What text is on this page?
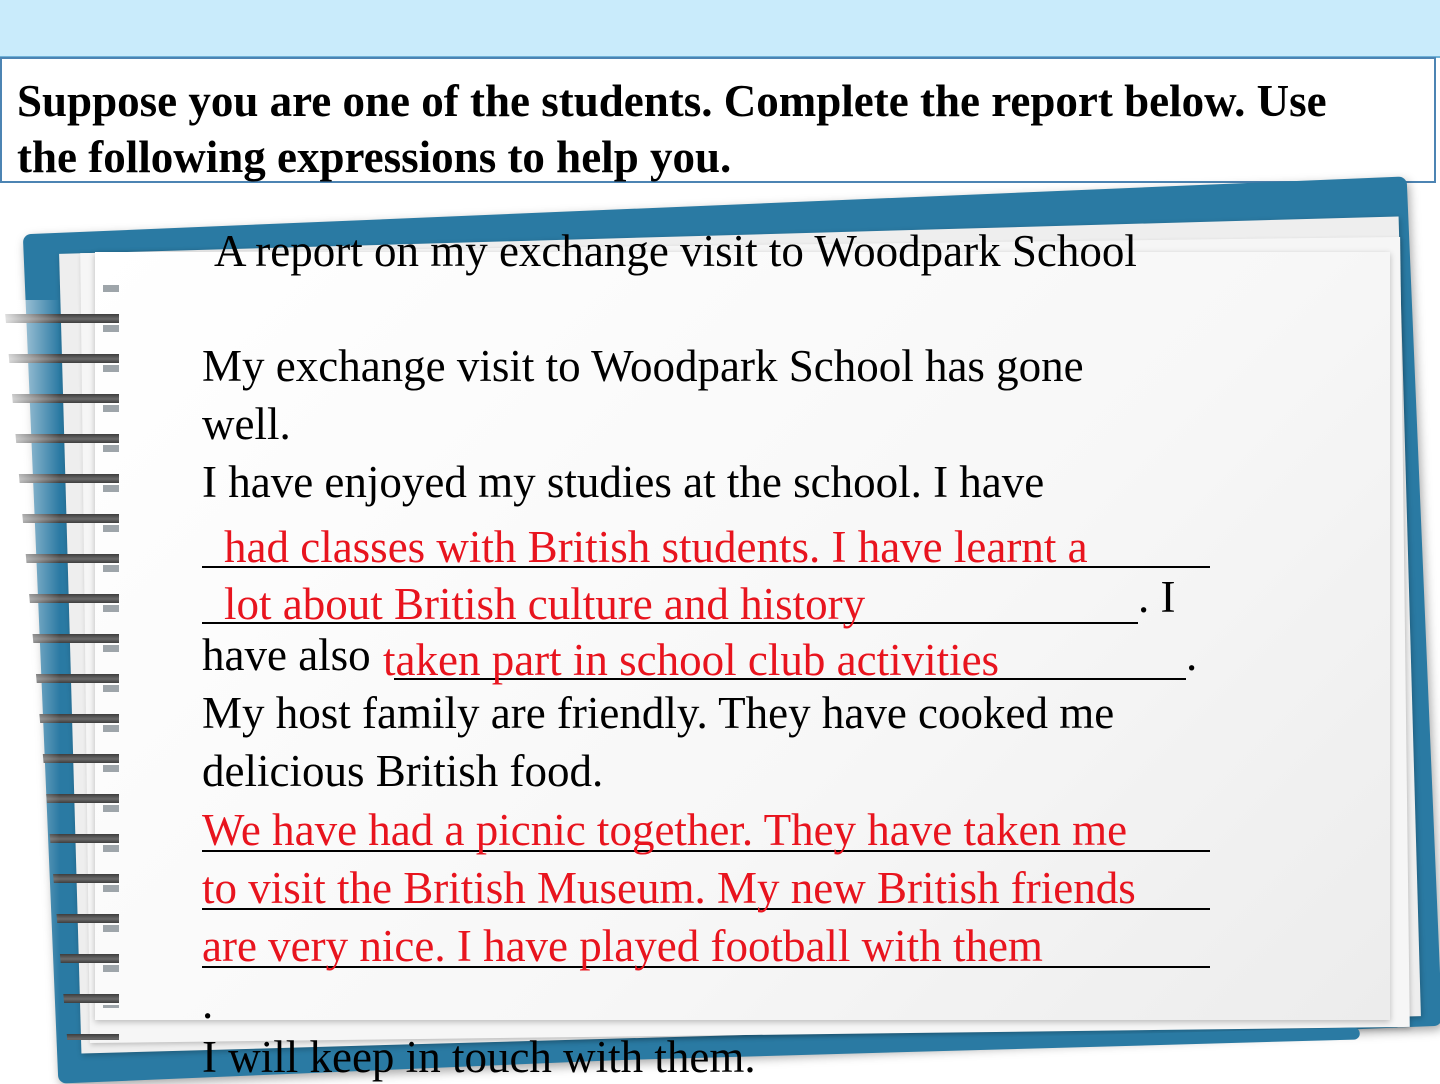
Suppose you are one of the students. Complete the report below. Use
the following expressions to help you.
A report on my exchange visit to Woodpark School
My exchange visit to Woodpark School has gone
well.
I have enjoyed my studies at the school. I have
had classes with British students. I have learnt a
lot about British culture and history	. I
have also taken part in school club activities	.
My host family are friendly. They have cooked me
delicious British food.
We have had a picnic together. They have taken me
to visit the British Museum. My new British friends
are very nice. I have played football with them
.
I will keep in touch with them.
